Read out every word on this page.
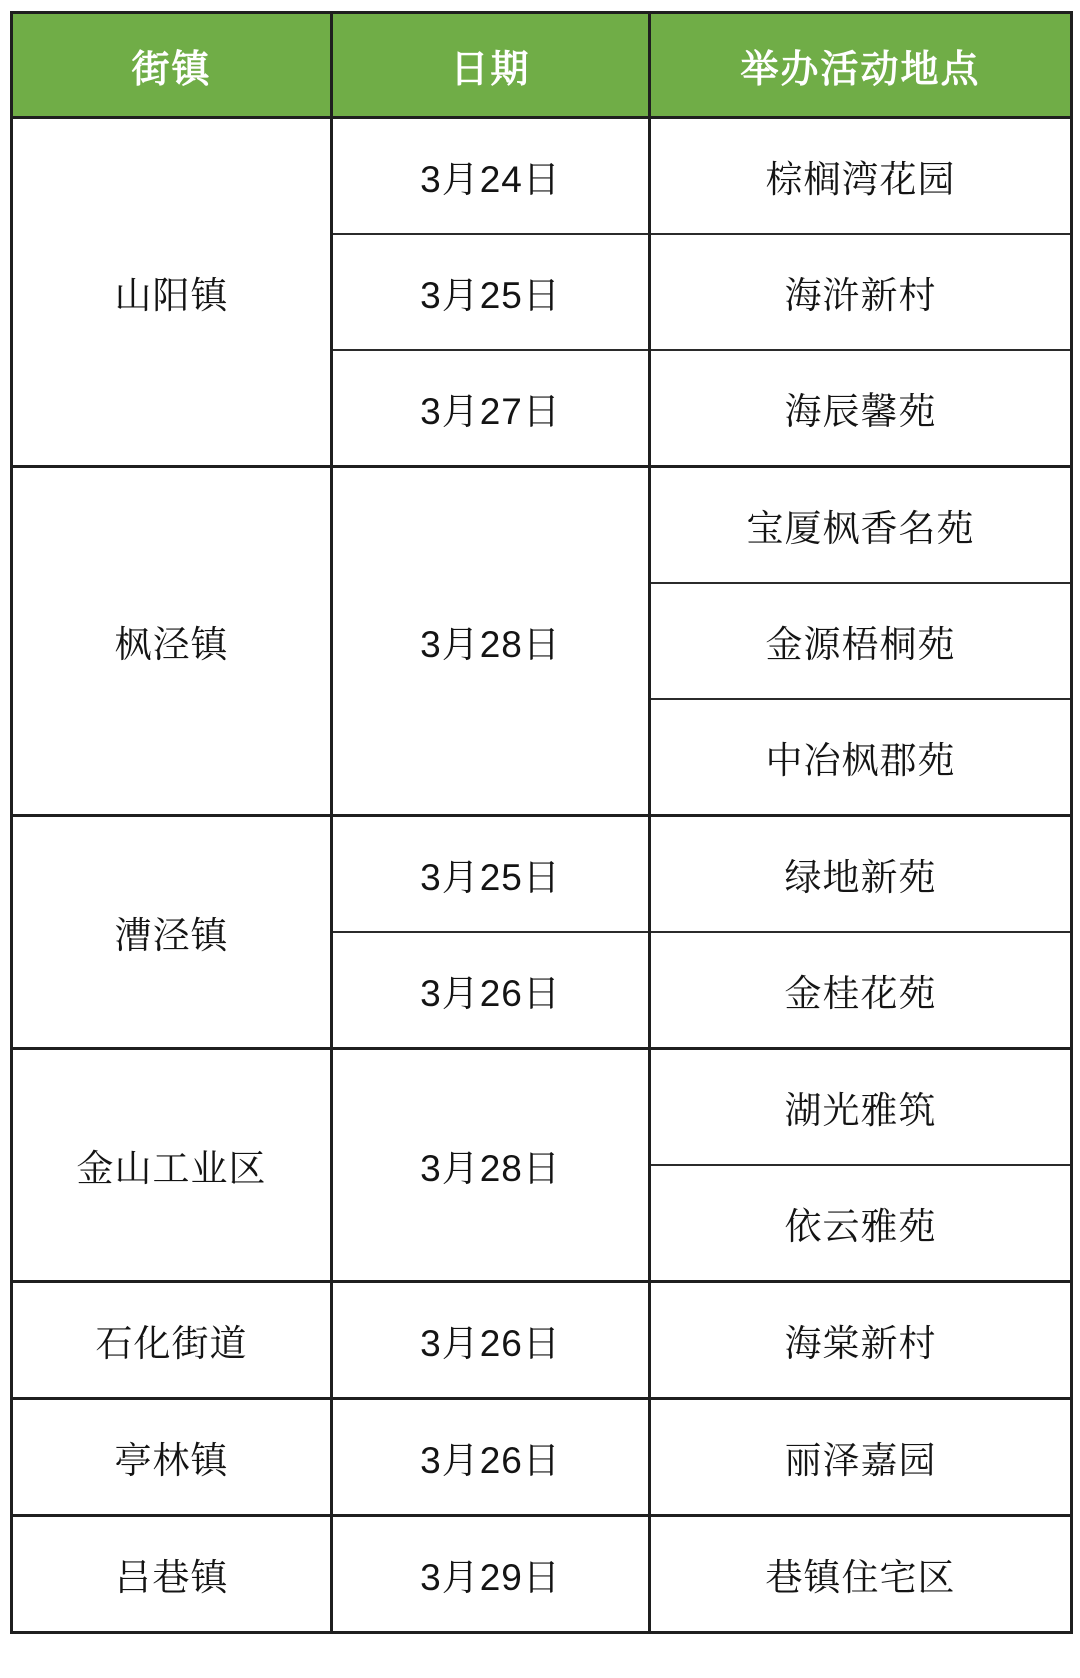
街镇	日期	举办活动地点
山阳镇	3月24日	棕榈湾花园
	3月25日	海浒新村
	3月27日	海辰馨苑
枫泾镇	3月28日	宝厦枫香名苑
		金源梧桐苑
		中冶枫郡苑
漕泾镇	3月25日	绿地新苑
	3月26日	金桂花苑
金山工业区	3月28日	湖光雅筑
		依云雅苑
石化街道	3月26日	海棠新村
亭林镇	3月26日	丽泽嘉园
吕巷镇	3月29日	巷镇住宅区
